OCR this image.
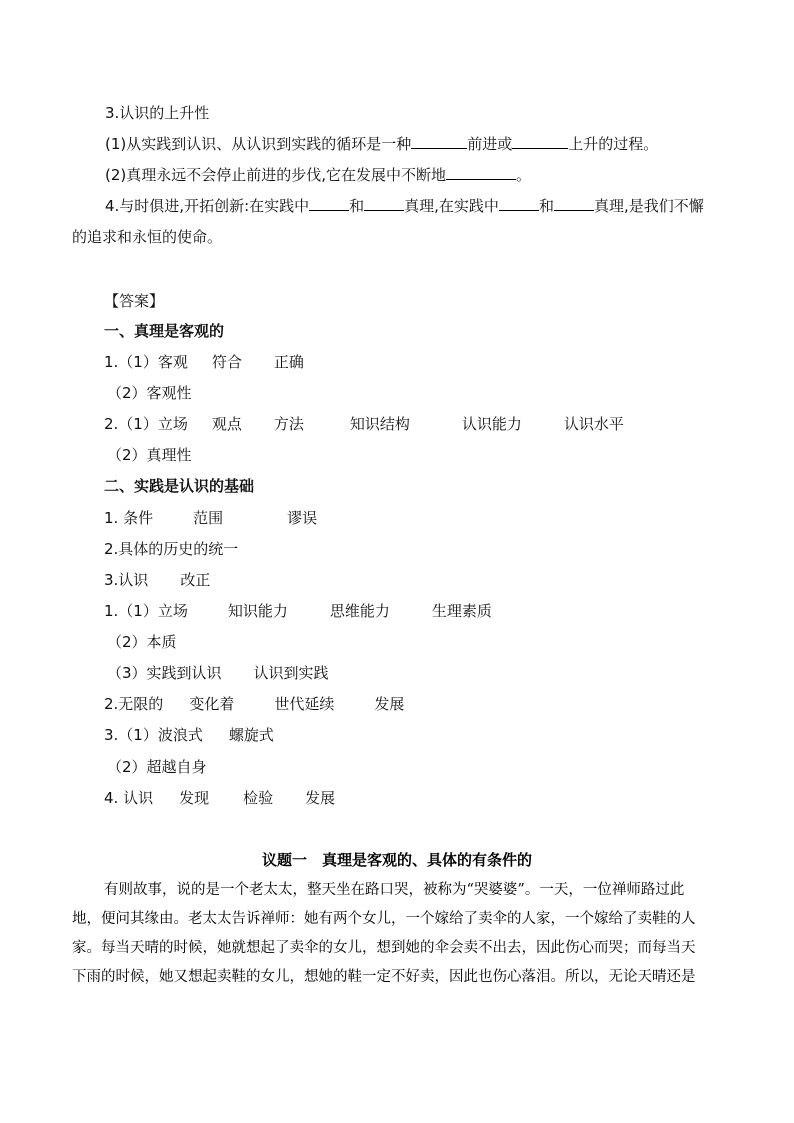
3.认识的上升性
(1)从实践到认识、从认识到实践的循环是一种	前进或	上升的过程。
(2)真理永远不会停止前进的步伐,它在发展中不断地	。
4.与时俱进,开拓创新:在实践中	和	真理,在实践中	和	真理,是我们不懈
的追求和永恒的使命。
【答案】
一、真理是客观的
1.（1）客观 符合 正确
（2）客观性
2.（1）立场 观点 方法	知识结构	认识能力	认识水平
（2）真理性
二、实践是认识的基础
1. 条件	范围	谬误
2.具体的历史的统一
3.认识 改正
1.（1）立场	知识能力	思维能力	生理素质
（2）本质
（3）实践到认识 认识到实践
2.无限的 变化着	世代延续	发展
3.（1）波浪式 螺旋式
（2）超越自身
4. 认识 发现 检验 发展
议题一　真理是客观的、具体的有条件的
有则故事，说的是一个老太太，整天坐在路口哭，被称为“哭婆婆”。一天，一位禅师路过此
地，便问其缘由。老太太告诉禅师：她有两个女儿，一个嫁给了卖伞的人家，一个嫁给了卖鞋的人
家。每当天晴的时候，她就想起了卖伞的女儿，想到她的伞会卖不出去，因此伤心而哭；而每当天
下雨的时候，她又想起卖鞋的女儿，想她的鞋一定不好卖，因此也伤心落泪。所以，无论天晴还是
